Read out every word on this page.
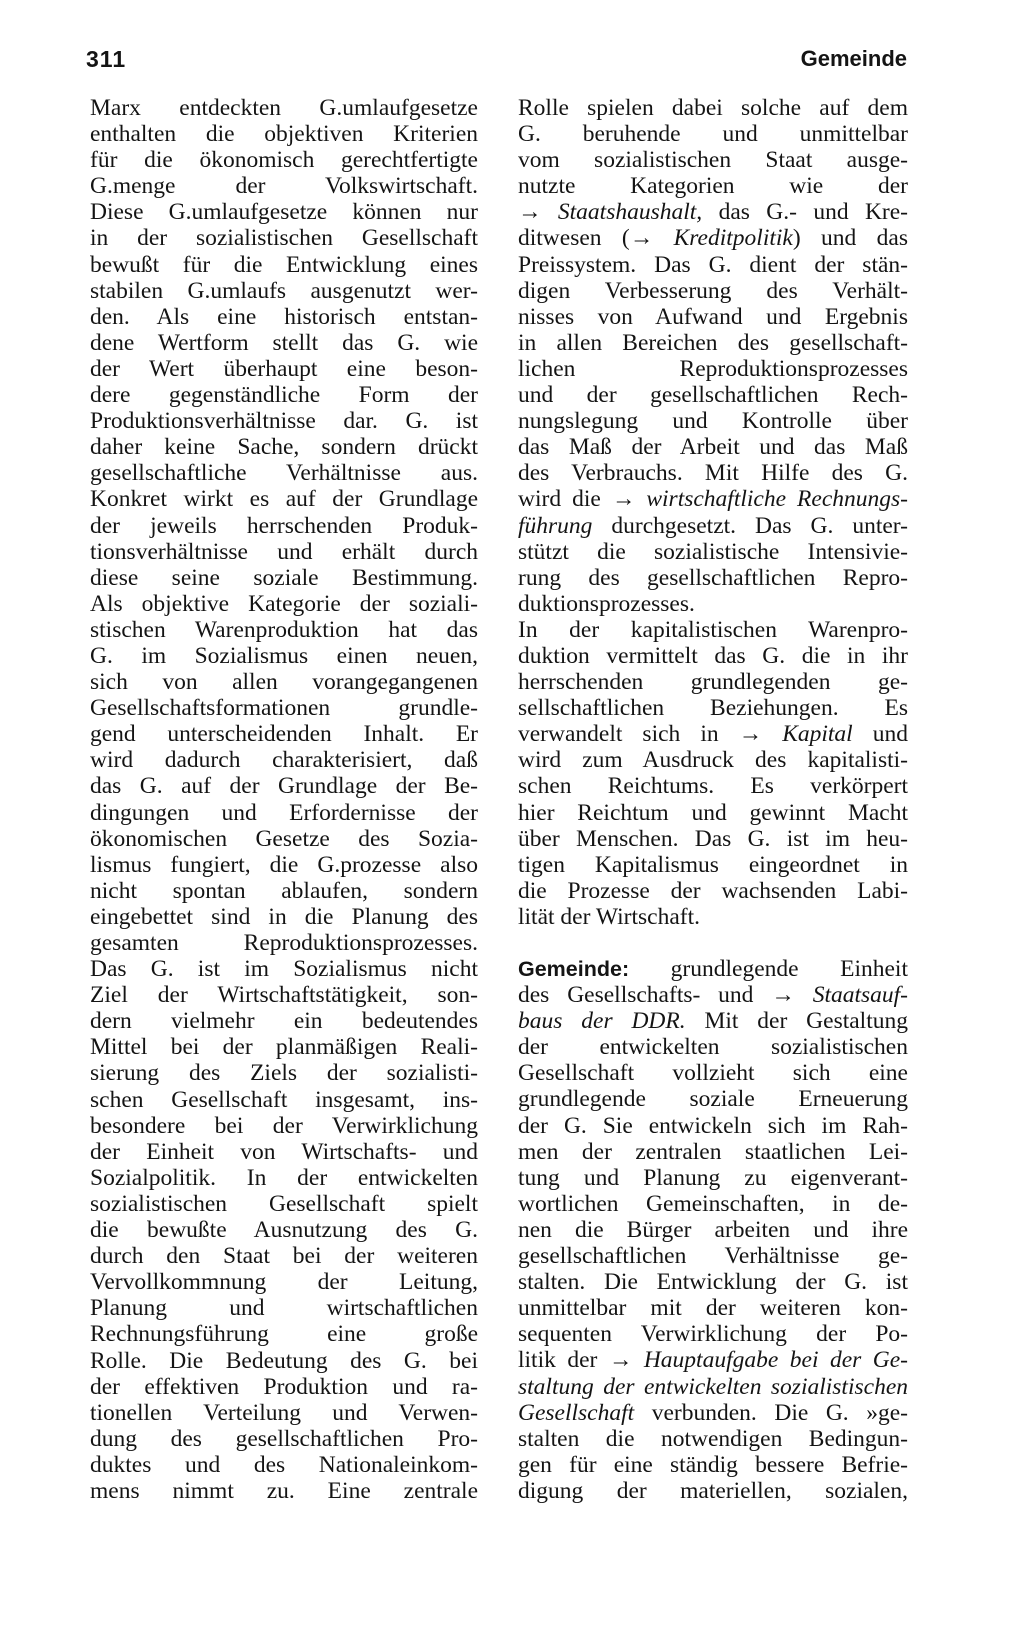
311	Gemeinde
Marx entdeckten G.umlaufgesetze
enthalten die objektiven Kriterien
für die ökonomisch gerechtfertigte
G.menge der Volkswirtschaft.
Diese G.umlaufgesetze können nur
in der sozialistischen Gesellschaft
bewußt für die Entwicklung eines
stabilen G.umlaufs ausgenutzt wer-
den. Als eine historisch entstan-
dene Wertform stellt das G. wie
der Wert überhaupt eine beson-
dere gegenständliche Form der
Produktionsverhältnisse dar. G. ist
daher keine Sache, sondern drückt
gesellschaftliche Verhältnisse aus.
Konkret wirkt es auf der Grundlage
der jeweils herrschenden Produk-
tionsverhältnisse und erhält durch
diese seine soziale Bestimmung.
Als objektive Kategorie der soziali-
stischen Warenproduktion hat das
G. im Sozialismus einen neuen,
sich von allen vorangegangenen
Gesellschaftsformationen grundle-
gend unterscheidenden Inhalt. Er
wird dadurch charakterisiert, daß
das G. auf der Grundlage der Be-
dingungen und Erfordernisse der
ökonomischen Gesetze des Sozia-
lismus fungiert, die G.prozesse also
nicht spontan ablaufen, sondern
eingebettet sind in die Planung des
gesamten Reproduktionsprozesses.
Das G. ist im Sozialismus nicht
Ziel der Wirtschaftstätigkeit, son-
dern vielmehr ein bedeutendes
Mittel bei der planmäßigen Reali-
sierung des Ziels der sozialisti-
schen Gesellschaft insgesamt, ins-
besondere bei der Verwirklichung
der Einheit von Wirtschafts- und
Sozialpolitik. In der entwickelten
sozialistischen Gesellschaft spielt
die bewußte Ausnutzung des G.
durch den Staat bei der weiteren
Vervollkommnung der Leitung,
Planung und wirtschaftlichen
Rechnungsführung eine große
Rolle. Die Bedeutung des G. bei
der effektiven Produktion und ra-
tionellen Verteilung und Verwen-
dung des gesellschaftlichen Pro-
duktes und des Nationaleinkom-
mens nimmt zu. Eine zentrale
Rolle spielen dabei solche auf dem
G. beruhende und unmittelbar
vom sozialistischen Staat ausge-
nutzte Kategorien wie der
→ Staatshaushalt, das G.- und Kre-
ditwesen (→ Kreditpolitik) und das
Preissystem. Das G. dient der stän-
digen Verbesserung des Verhält-
nisses von Aufwand und Ergebnis
in allen Bereichen des gesellschaft-
lichen Reproduktionsprozesses
und der gesellschaftlichen Rech-
nungslegung und Kontrolle über
das Maß der Arbeit und das Maß
des Verbrauchs. Mit Hilfe des G.
wird die → wirtschaftliche Rechnungs-
führung durchgesetzt. Das G. unter-
stützt die sozialistische Intensivie-
rung des gesellschaftlichen Repro-
duktionsprozesses.
In der kapitalistischen Warenpro-
duktion vermittelt das G. die in ihr
herrschenden grundlegenden ge-
sellschaftlichen Beziehungen. Es
verwandelt sich in → Kapital und
wird zum Ausdruck des kapitalisti-
schen Reichtums. Es verkörpert
hier Reichtum und gewinnt Macht
über Menschen. Das G. ist im heu-
tigen Kapitalismus eingeordnet in
die Prozesse der wachsenden Labi-
lität der Wirtschaft.
Gemeinde: grundlegende Einheit
des Gesellschafts- und → Staatsauf-
baus der DDR. Mit der Gestaltung
der entwickelten sozialistischen
Gesellschaft vollzieht sich eine
grundlegende soziale Erneuerung
der G. Sie entwickeln sich im Rah-
men der zentralen staatlichen Lei-
tung und Planung zu eigenverant-
wortlichen Gemeinschaften, in de-
nen die Bürger arbeiten und ihre
gesellschaftlichen Verhältnisse ge-
stalten. Die Entwicklung der G. ist
unmittelbar mit der weiteren kon-
sequenten Verwirklichung der Po-
litik der → Hauptaufgabe bei der Ge-
staltung der entwickelten sozialistischen
Gesellschaft verbunden. Die G. »ge-
stalten die notwendigen Bedingun-
gen für eine ständig bessere Befrie-
digung der materiellen, sozialen,
